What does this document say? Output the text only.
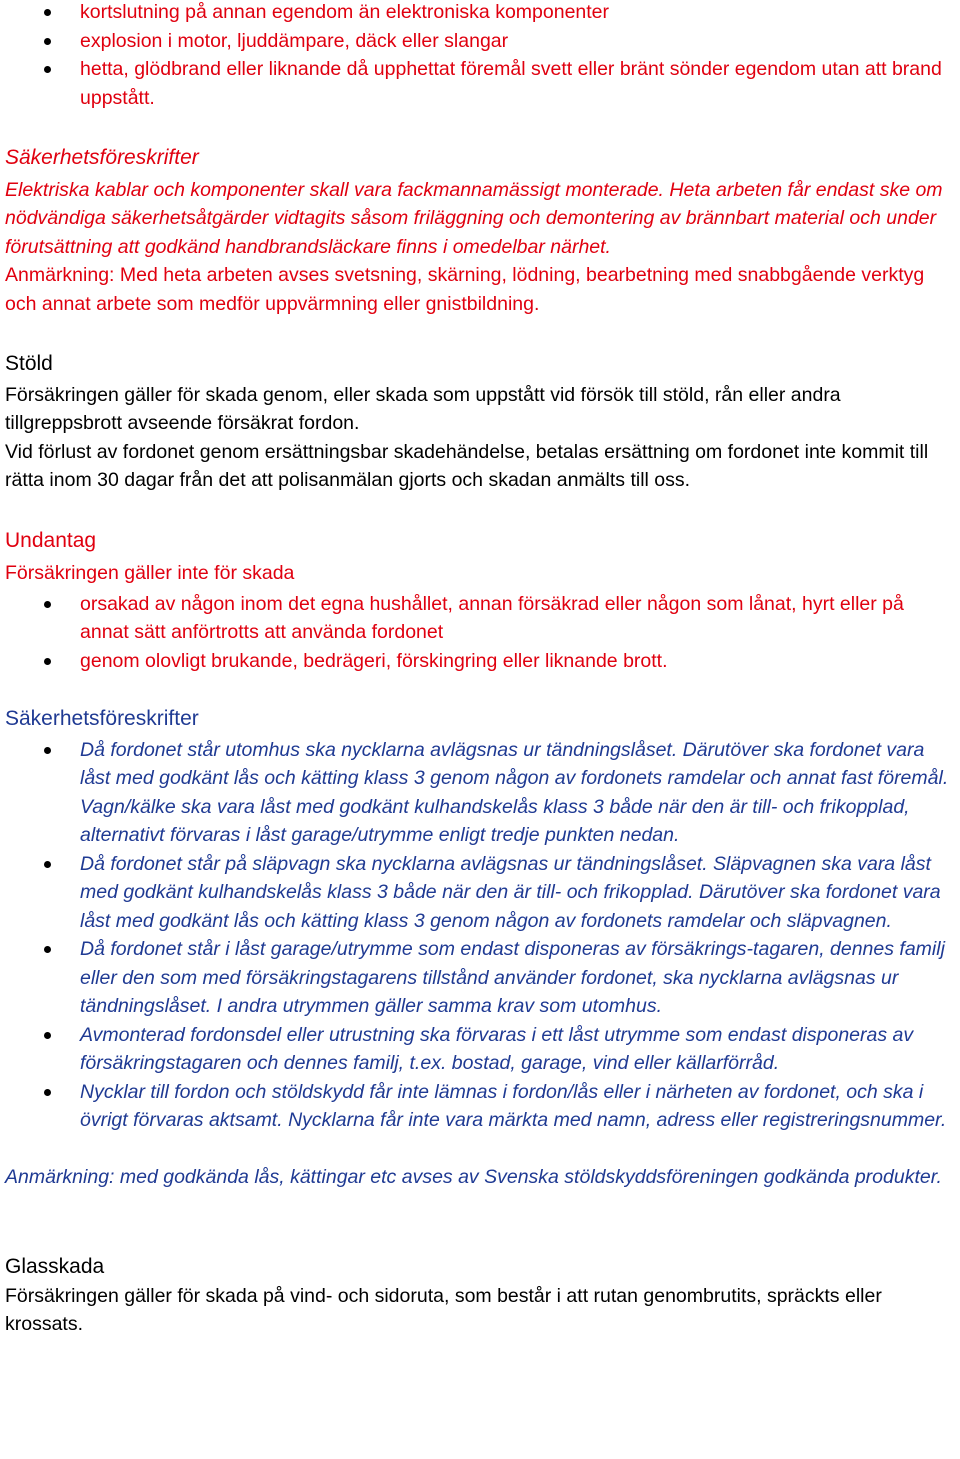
kortslutning på annan egendom än elektroniska komponenter
explosion i motor, ljuddämpare, däck eller slangar
hetta, glödbrand eller liknande då upphettat föremål svett eller bränt sönder egendom utan att brand uppstått.
Säkerhetsföreskrifter

Elektriska kablar och komponenter skall vara fackmannamässigt monterade. Heta arbeten får endast ske om nödvändiga säkerhetsåtgärder vidtagits såsom friläggning och demontering av brännbart material och under förutsättning att godkänd handbrandsläckare finns i omedelbar närhet.

Anmärkning: Med heta arbeten avses svetsning, skärning, lödning, bearbetning med snabbgående verktyg och annat arbete som medför uppvärmning eller gnistbildning.

Stöld

Försäkringen gäller för skada genom, eller skada som uppstått vid försök till stöld, rån eller andra tillgreppsbrott avseende försäkrat fordon.

Vid förlust av fordonet genom ersättningsbar skadehändelse, betalas ersättning om fordonet inte kommit till rätta inom 30 dagar från det att polisanmälan gjorts och skadan anmälts till oss.

Undantag

Försäkringen gäller inte för skada

orsakad av någon inom det egna hushållet, annan försäkrad eller någon som lånat, hyrt eller på annat sätt anförtrotts att använda fordonet
genom olovligt brukande, bedrägeri, förskingring eller liknande brott.
Säkerhetsföreskrifter
Då fordonet står utomhus ska nycklarna avlägsnas ur tändningslåset. Därutöver ska fordonet vara låst med godkänt lås och kätting klass 3 genom någon av fordonets ramdelar och annat fast föremål. Vagn/kälke ska vara låst med godkänt kulhandskelås klass 3 både när den är till- och frikopplad, alternativt förvaras i låst garage/utrymme enligt tredje punkten nedan.
Då fordonet står på släpvagn ska nycklarna avlägsnas ur tändningslåset. Släpvagnen ska vara låst med godkänt kulhandskelås klass 3 både när den är till- och frikopplad. Därutöver ska fordonet vara låst med godkänt lås och kätting klass 3 genom någon av fordonets ramdelar och släpvagnen.
Då fordonet står i låst garage/utrymme som endast disponeras av försäkrings-tagaren, dennes familj eller den som med försäkringstagarens tillstånd använder fordonet, ska nycklarna avlägsnas ur tändningslåset. I andra utrymmen gäller samma krav som utomhus.
Avmonterad fordonsdel eller utrustning ska förvaras i ett låst utrymme som endast disponeras av försäkringstagaren och dennes familj, t.ex. bostad, garage, vind eller källarförråd.
Nycklar till fordon och stöldskydd får inte lämnas i fordon/lås eller i närheten av fordonet, och ska i övrigt förvaras aktsamt. Nycklarna får inte vara märkta med namn, adress eller registreringsnummer.

Anmärkning: med godkända lås, kättingar etc avses av Svenska stöldskyddsföreningen godkända produkter.

Glasskada

Försäkringen gäller för skada på vind- och sidoruta, som består i att rutan genombrutits, spräckts eller krossats.
